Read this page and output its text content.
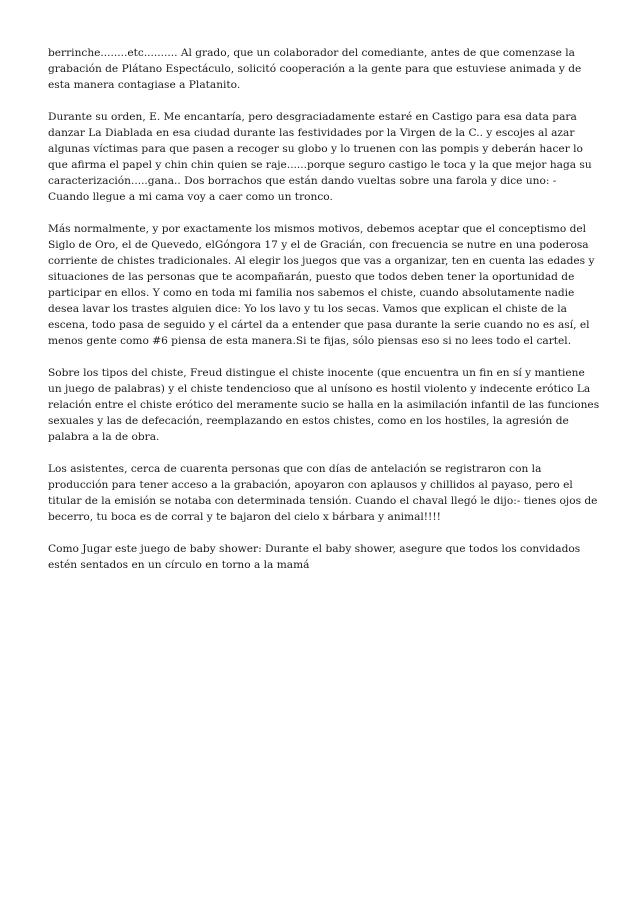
berrinche........etc.......... Al grado, que un colaborador del comediante, antes de que comenzase la grabación de Plátano Espectáculo, solicitó cooperación a la gente para que estuviese animada y de esta manera contagiase a Platanito.

Durante su orden, E. Me encantaría, pero desgraciadamente estaré en Castigo para esa data para danzar La Diablada en esa ciudad durante las festividades por la Virgen de la C.. y escojes al azar algunas víctimas para que pasen a recoger su globo y lo truenen con las pompis y deberán hacer lo que afirma el papel y chin chin quien se raje......porque seguro castigo le toca y la que mejor haga su caracterización.....gana.. Dos borrachos que están dando vueltas sobre una farola y dice uno: - Cuando llegue a mi cama voy a caer como un tronco.

Más normalmente, y por exactamente los mismos motivos, debemos aceptar que el conceptismo del Siglo de Oro, el de Quevedo, elGóngora 17 y el de Gracián, con frecuencia se nutre en una poderosa corriente de chistes tradicionales. Al elegir los juegos que vas a organizar, ten en cuenta las edades y situaciones de las personas que te acompañarán, puesto que todos deben tener la oportunidad de participar en ellos. Y como en toda mi familia nos sabemos el chiste, cuando absolutamente nadie desea lavar los trastes alguien dice: Yo los lavo y tu los secas. Vamos que explican el chiste de la escena, todo pasa de seguido y el cártel da a entender que pasa durante la serie cuando no es así, el menos gente como #6 piensa de esta manera.Si te fijas, sólo piensas eso si no lees todo el cartel.

Sobre los tipos del chiste, Freud distingue el chiste inocente (que encuentra un fin en sí y mantiene un juego de palabras) y el chiste tendencioso que al unísono es hostil violento y indecente erótico La relación entre el chiste erótico del meramente sucio se halla en la asimilación infantil de las funciones sexuales y las de defecación, reemplazando en estos chistes, como en los hostiles, la agresión de palabra a la de obra.

Los asistentes, cerca de cuarenta personas que con días de antelación se registraron con la producción para tener acceso a la grabación, apoyaron con aplausos y chillidos al payaso, pero el titular de la emisión se notaba con determinada tensión. Cuando el chaval llegó le dijo:- tienes ojos de becerro, tu boca es de corral y te bajaron del cielo x bárbara y animal!!!!

Como Jugar este juego de baby shower: Durante el baby shower, asegure que todos los convidados estén sentados en un círculo en torno a la mamá
